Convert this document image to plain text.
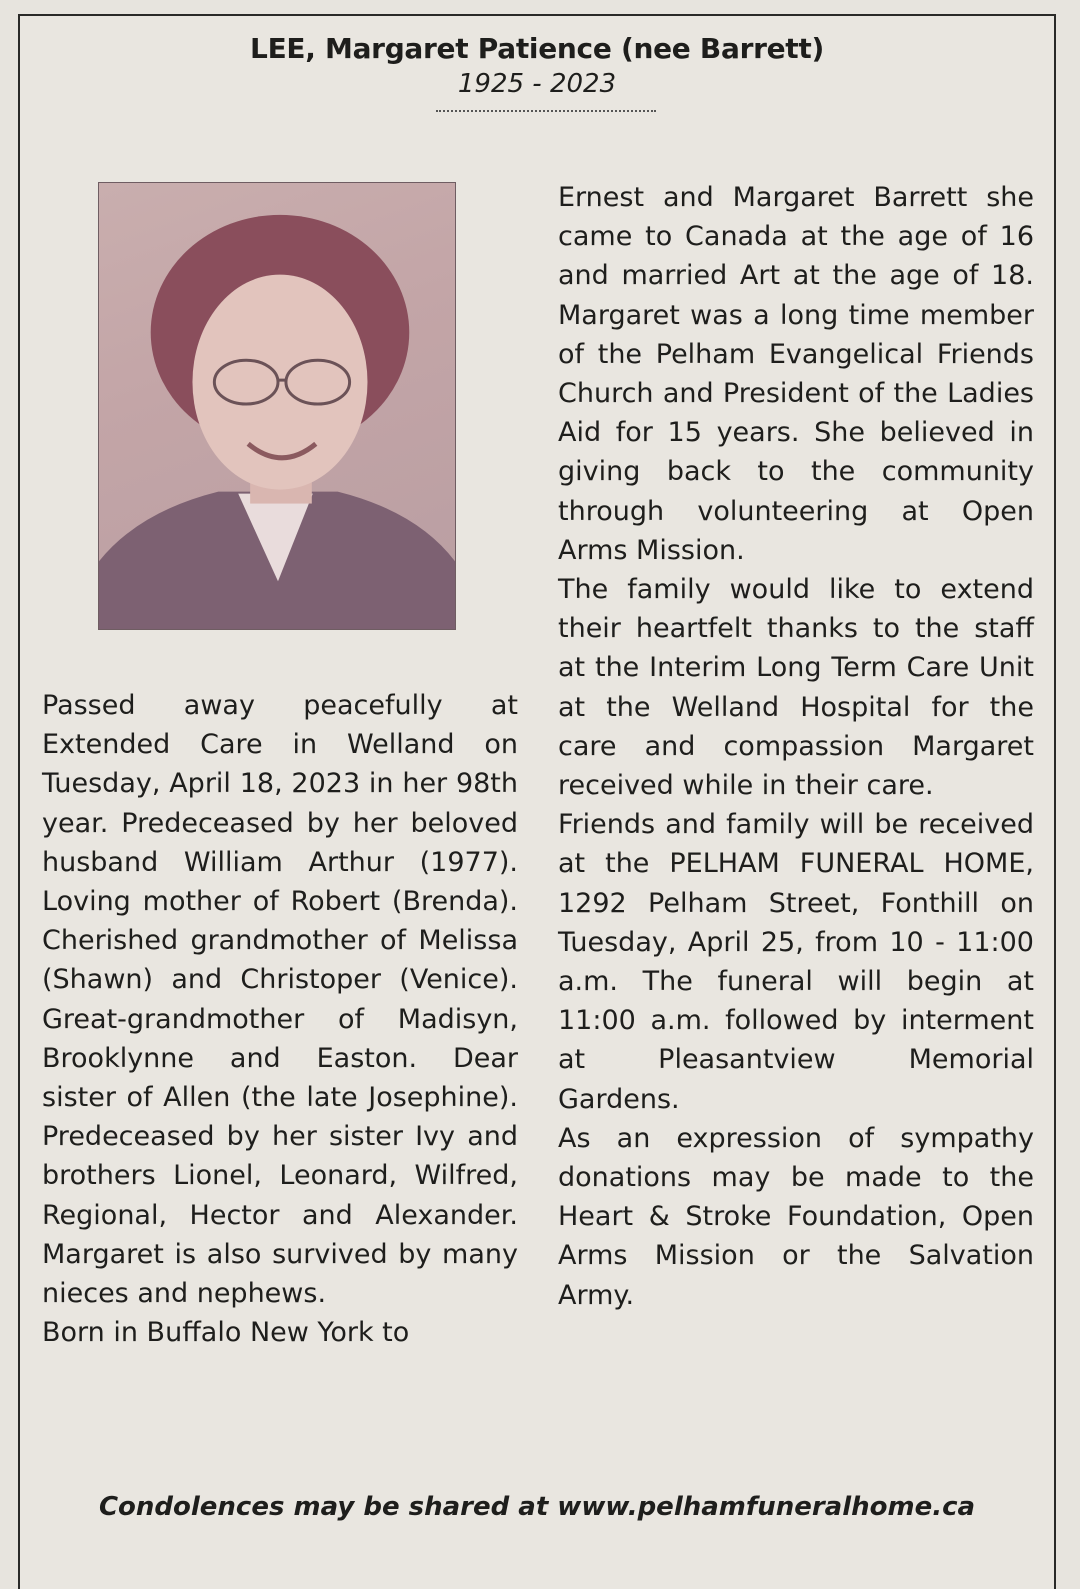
LEE, Margaret Patience (nee Barrett)
1925 - 2023

Passed away peacefully at Extended Care in Welland on Tuesday, April 18, 2023 in her 98th year. Predeceased by her beloved husband William Arthur (1977). Loving mother of Robert (Brenda). Cherished grandmother of Melissa (Shawn) and Christoper (Venice). Great-grandmother of Madisyn, Brooklynne and Easton. Dear sister of Allen (the late Josephine). Predeceased by her sister Ivy and brothers Lionel, Leonard, Wilfred, Regional, Hector and Alexander. Margaret is also survived by many nieces and nephews.

Born in Buffalo New York to

Ernest and Margaret Barrett she came to Canada at the age of 16 and married Art at the age of 18. Margaret was a long time member of the Pelham Evangelical Friends Church and President of the Ladies Aid for 15 years. She believed in giving back to the community through volunteering at Open Arms Mission.

The family would like to extend their heartfelt thanks to the staff at the Interim Long Term Care Unit at the Welland Hospital for the care and compassion Margaret received while in their care.

Friends and family will be received at the PELHAM FUNERAL HOME, 1292 Pelham Street, Fonthill on Tuesday, April 25, from 10 - 11:00 a.m. The funeral will begin at 11:00 a.m. followed by interment at Pleasantview Memorial Gardens.

As an expression of sympathy donations may be made to the Heart & Stroke Foundation, Open Arms Mission or the Salvation Army.

Condolences may be shared at www.pelhamfuneralhome.ca
